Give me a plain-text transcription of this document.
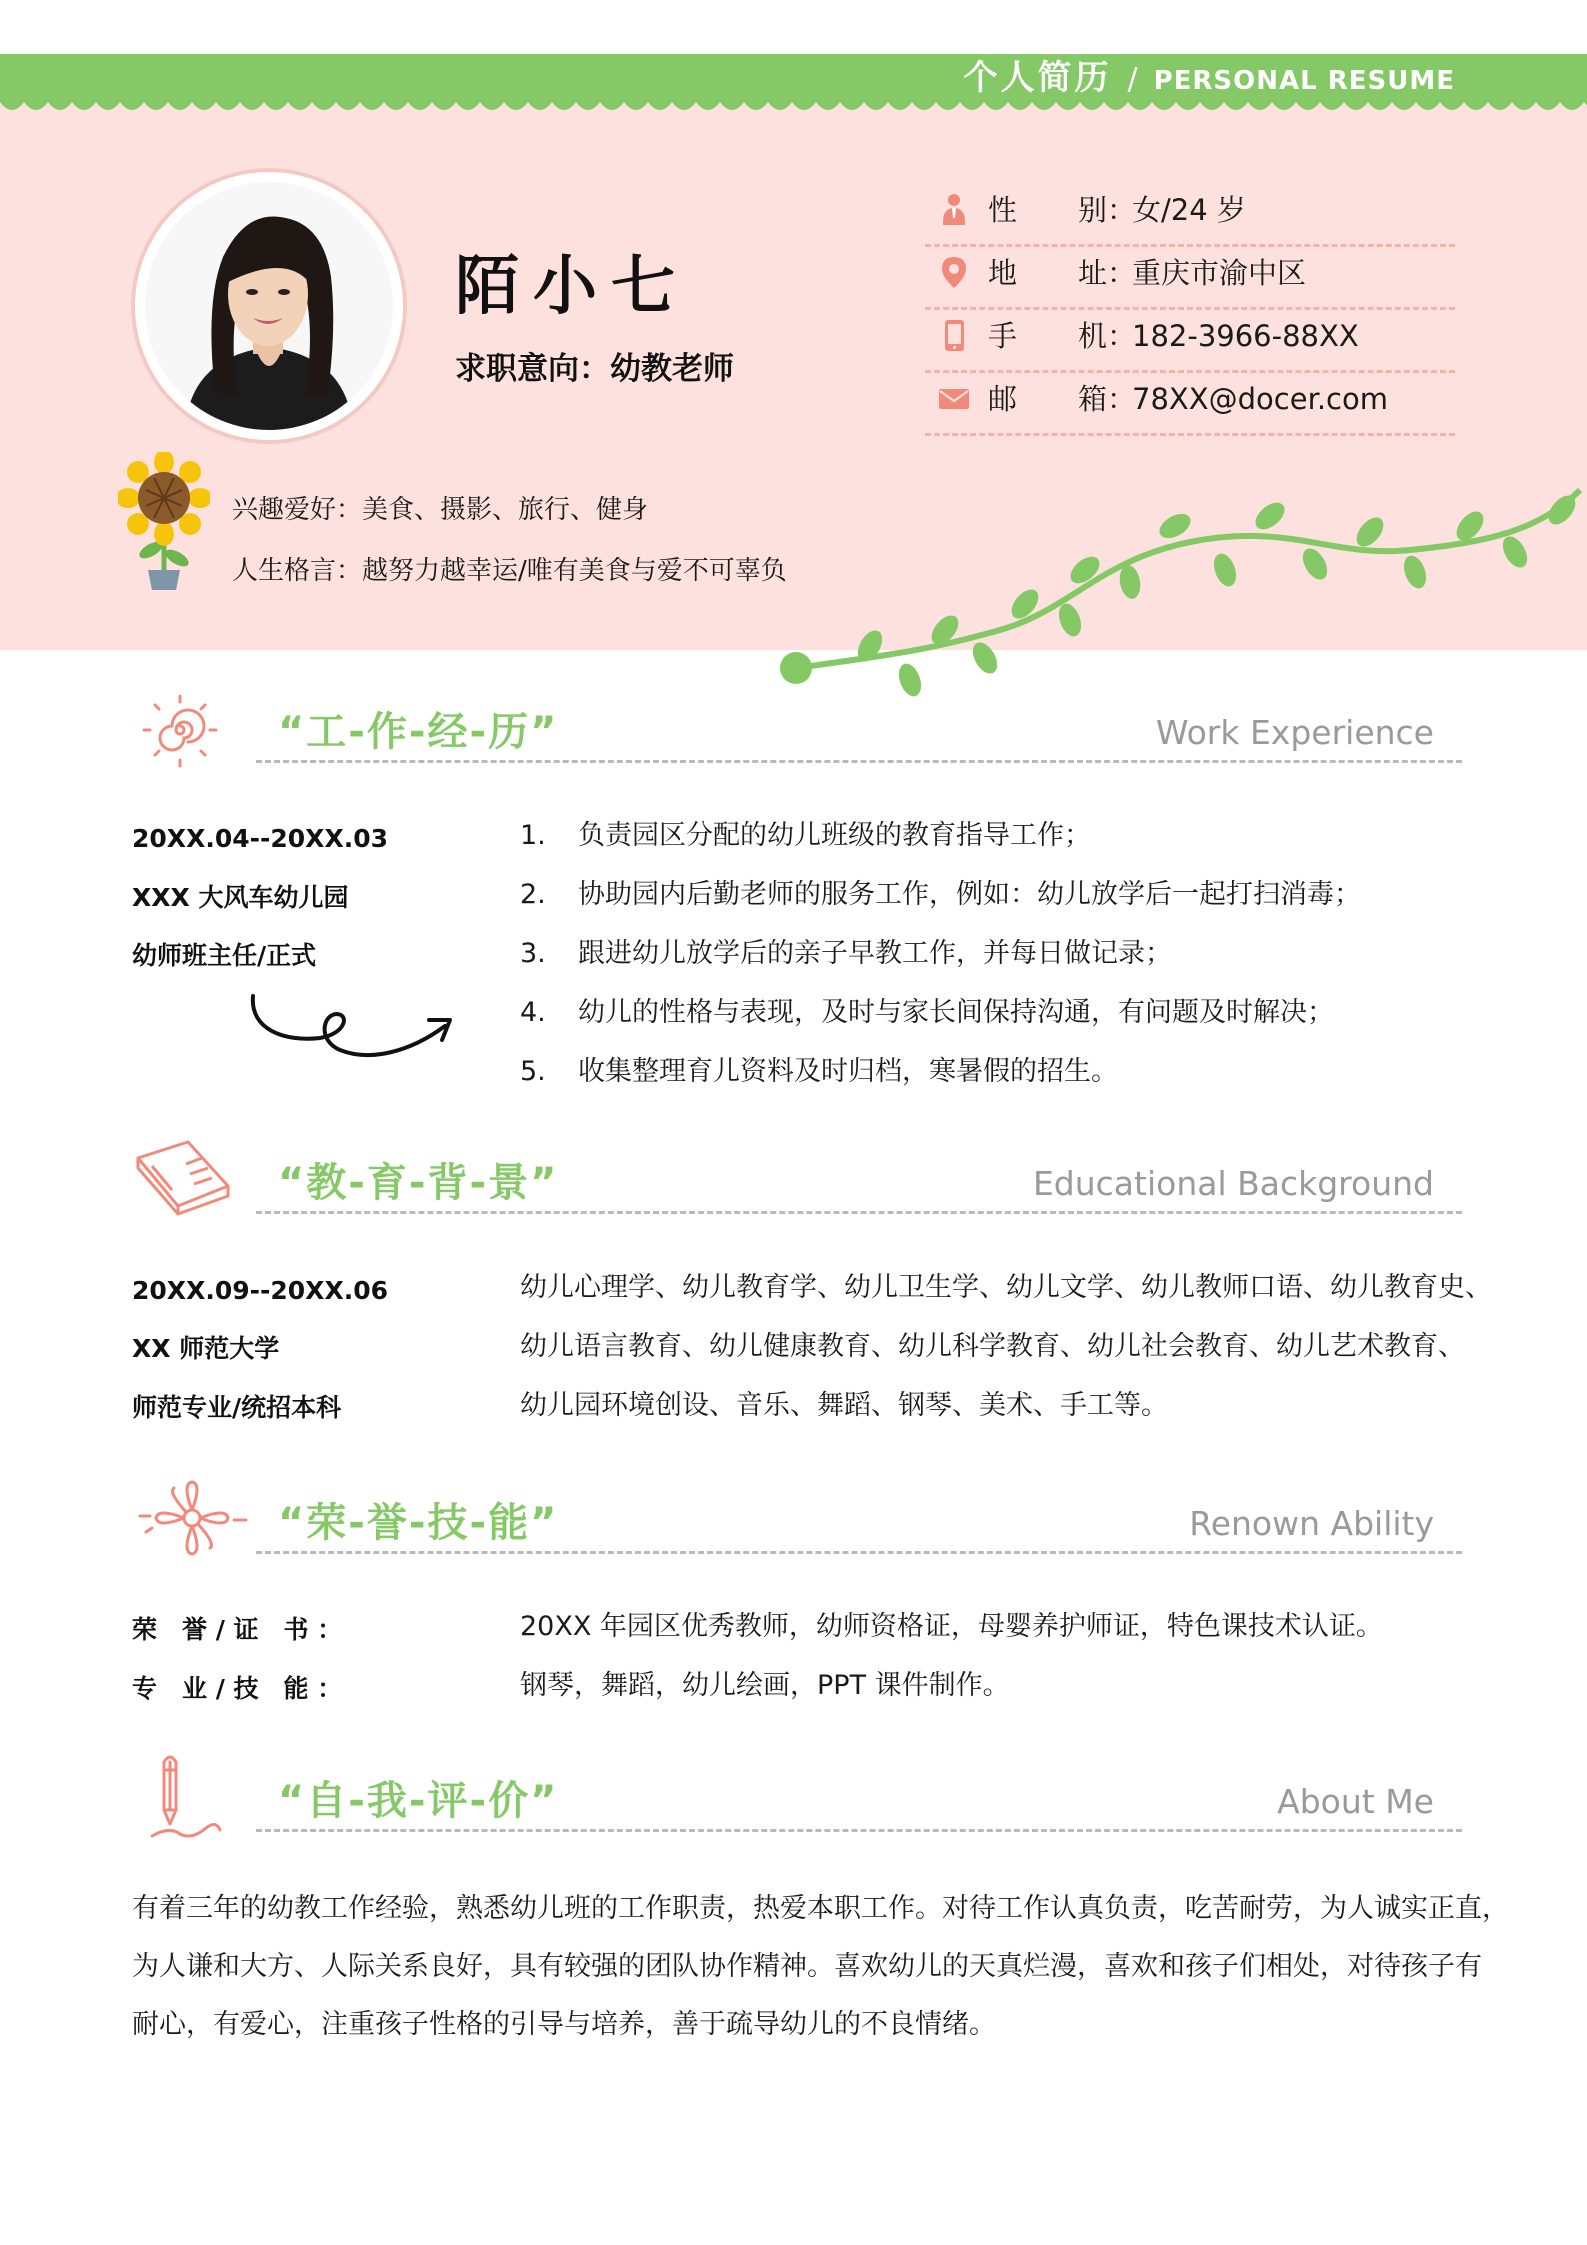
个人简历 / PERSONAL RESUME
陌小七
求职意向：幼教老师
性 别：
女/24 岁
地 址：
重庆市渝中区
手 机：
182-3966-88XX
邮 箱：
78XX@docer.com
兴趣爱好：美食、摄影、旅行、健身
人生格言：越努力越幸运/唯有美食与爱不可辜负
“工-作-经-历”	Work Experience
20XX.04--20XX.03
XXX 大风车幼儿园
幼师班主任/正式
1. 负责园区分配的幼儿班级的教育指导工作；
2. 协助园内后勤老师的服务工作，例如：幼儿放学后一起打扫消毒；
3. 跟进幼儿放学后的亲子早教工作，并每日做记录；
4. 幼儿的性格与表现，及时与家长间保持沟通，有问题及时解决；
5. 收集整理育儿资料及时归档，寒暑假的招生。
“教-育-背-景”	Educational Background
20XX.09--20XX.06
XX 师范大学
师范专业/统招本科
幼儿心理学、幼儿教育学、幼儿卫生学、幼儿文学、幼儿教师口语、幼儿教育史、
幼儿语言教育、幼儿健康教育、幼儿科学教育、幼儿社会教育、幼儿艺术教育、
幼儿园环境创设、音乐、舞蹈、钢琴、美术、手工等。
“荣-誉-技-能”	Renown Ability
荣　誉 / 证　书 ：	20XX 年园区优秀教师，幼师资格证，母婴养护师证，特色课技术认证。
专　业 / 技　能 ：	钢琴，舞蹈，幼儿绘画，PPT 课件制作。
“自-我-评-价”	About Me
有着三年的幼教工作经验，熟悉幼儿班的工作职责，热爱本职工作。对待工作认真负责，吃苦耐劳，为人诚实正直，
为人谦和大方、人际关系良好，具有较强的团队协作精神。喜欢幼儿的天真烂漫，喜欢和孩子们相处，对待孩子有
耐心，有爱心，注重孩子性格的引导与培养，善于疏导幼儿的不良情绪。
